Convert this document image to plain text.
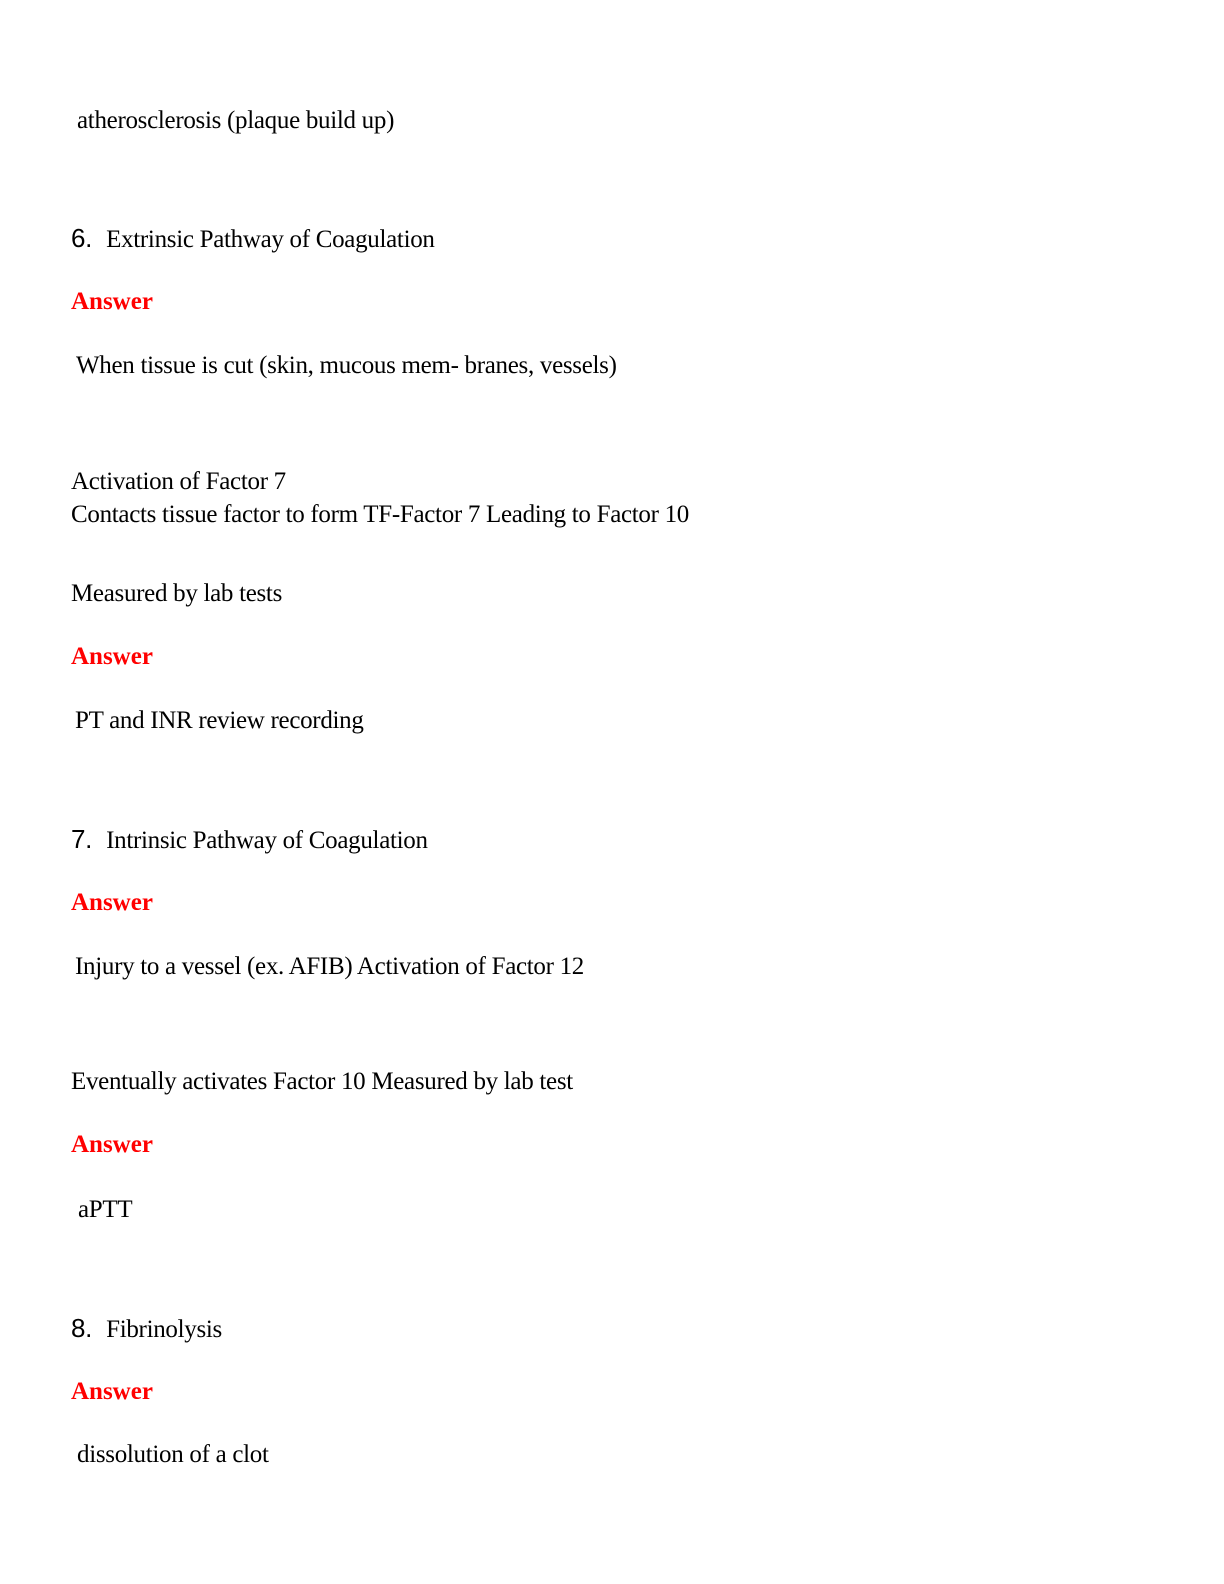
atherosclerosis (plaque build up)
6. Extrinsic Pathway of Coagulation
Answer
When tissue is cut (skin, mucous mem- branes, vessels)
Activation of Factor 7
Contacts tissue factor to form TF-Factor 7 Leading to Factor 10
Measured by lab tests
Answer
PT and INR review recording
7. Intrinsic Pathway of Coagulation
Answer
Injury to a vessel (ex. AFIB) Activation of Factor 12
Eventually activates Factor 10 Measured by lab test
Answer
aPTT
8. Fibrinolysis
Answer
dissolution of a clot
